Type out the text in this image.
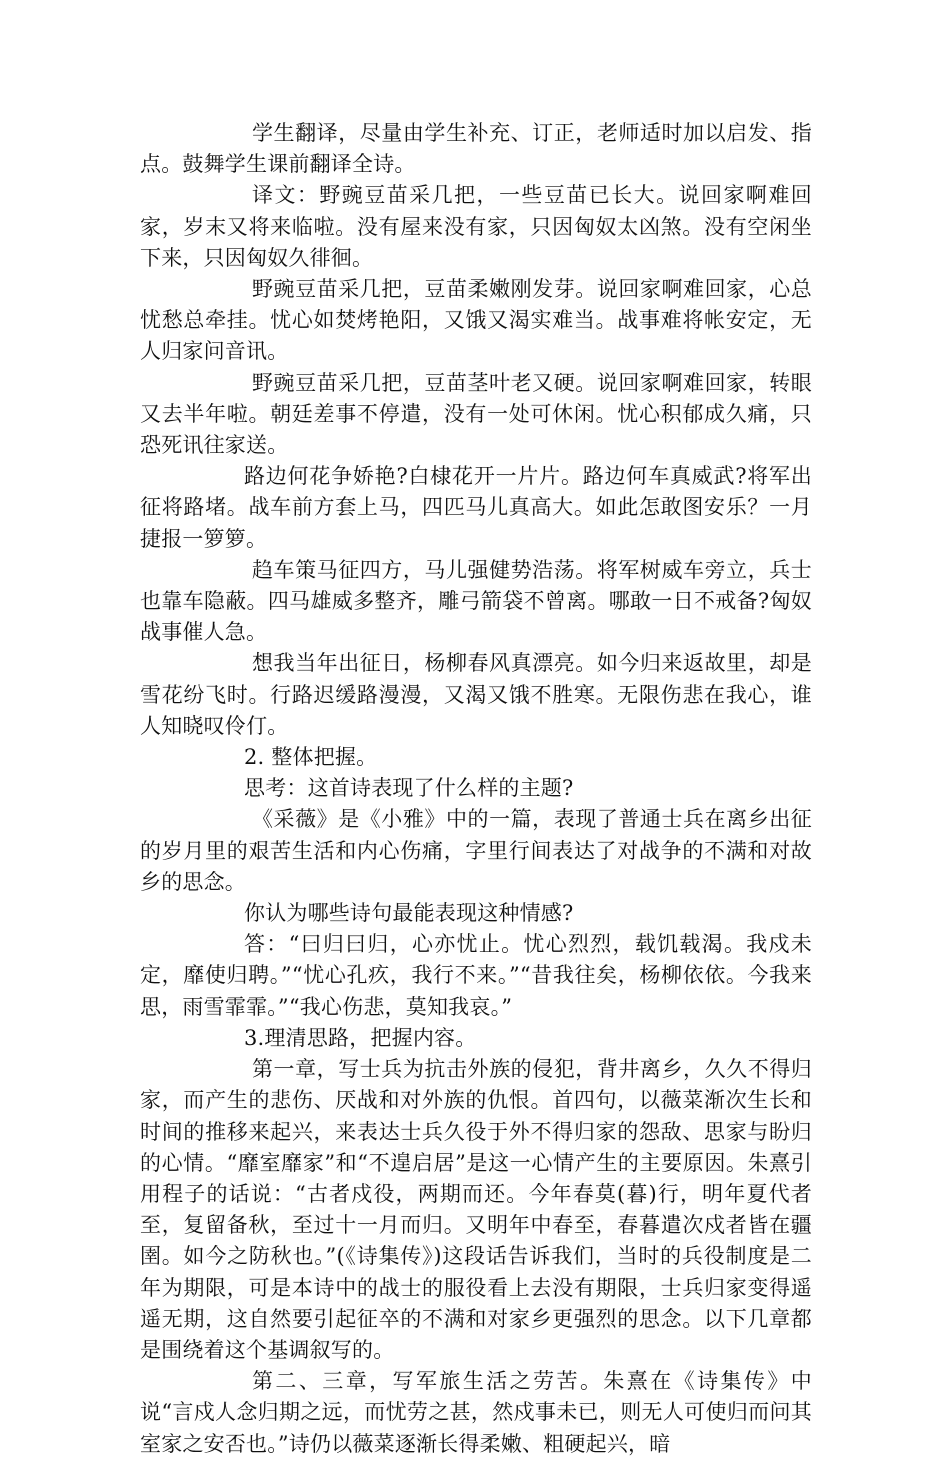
学生翻译，尽量由学生补充、订正，老师适时加以启发、指点。鼓舞学生课前翻译全诗。

译文：野豌豆苗采几把，一些豆苗已长大。说回家啊难回家，岁末又将来临啦。没有屋来没有家，只因匈奴太凶煞。没有空闲坐下来，只因匈奴久徘徊。

野豌豆苗采几把，豆苗柔嫩刚发芽。说回家啊难回家，心总忧愁总牵挂。忧心如焚烤艳阳，又饿又渴实难当。战事难将帐安定，无人归家问音讯。

野豌豆苗采几把，豆苗茎叶老又硬。说回家啊难回家，转眼又去半年啦。朝廷差事不停遣，没有一处可休闲。忧心积郁成久痛，只恐死讯往家送。

路边何花争娇艳?白棣花开一片片。路边何车真威武?将军出征将路堵。战车前方套上马，四匹马儿真高大。如此怎敢图安乐？一月捷报一箩箩。

趋车策马征四方，马儿强健势浩荡。将军树威车旁立，兵士也靠车隐蔽。四马雄威多整齐，雕弓箭袋不曾离。哪敢一日不戒备?匈奴战事催人急。

想我当年出征日，杨柳春风真漂亮。如今归来返故里，却是雪花纷飞时。行路迟缓路漫漫，又渴又饿不胜寒。无限伤悲在我心，谁人知晓叹伶仃。

2. 整体把握。

思考：这首诗表现了什么样的主题?

《采薇》是《小雅》中的一篇，表现了普通士兵在离乡出征的岁月里的艰苦生活和内心伤痛，字里行间表达了对战争的不满和对故乡的思念。

你认为哪些诗句最能表现这种情感?

答：“曰归曰归，心亦忧止。忧心烈烈，载饥载渴。我戍未定，靡使归聘。”“忧心孔疚，我行不来。”“昔我往矣，杨柳依依。今我来思，雨雪霏霏。”“我心伤悲，莫知我哀。”

3.理清思路，把握内容。

第一章，写士兵为抗击外族的侵犯，背井离乡，久久不得归家，而产生的悲伤、厌战和对外族的仇恨。首四句，以薇菜渐次生长和时间的推移来起兴，来表达士兵久役于外不得归家的怨敌、思家与盼归的心情。“靡室靡家”和“不遑启居”是这一心情产生的主要原因。朱熹引用程子的话说：“古者戍役，两期而还。今年春莫(暮)行，明年夏代者至，复留备秋，至过十一月而归。又明年中春至，春暮遣次戍者皆在疆圉。如今之防秋也。”(《诗集传》)这段话告诉我们，当时的兵役制度是二年为期限，可是本诗中的战士的服役看上去没有期限，士兵归家变得遥遥无期，这自然要引起征卒的不满和对家乡更强烈的思念。以下几章都是围绕着这个基调叙写的。

第二、三章，写军旅生活之劳苦。朱熹在《诗集传》中说“言戍人念归期之远，而忧劳之甚，然戍事未已，则无人可使归而问其室家之安否也。”诗仍以薇菜逐渐长得柔嫩、粗硬起兴，暗
